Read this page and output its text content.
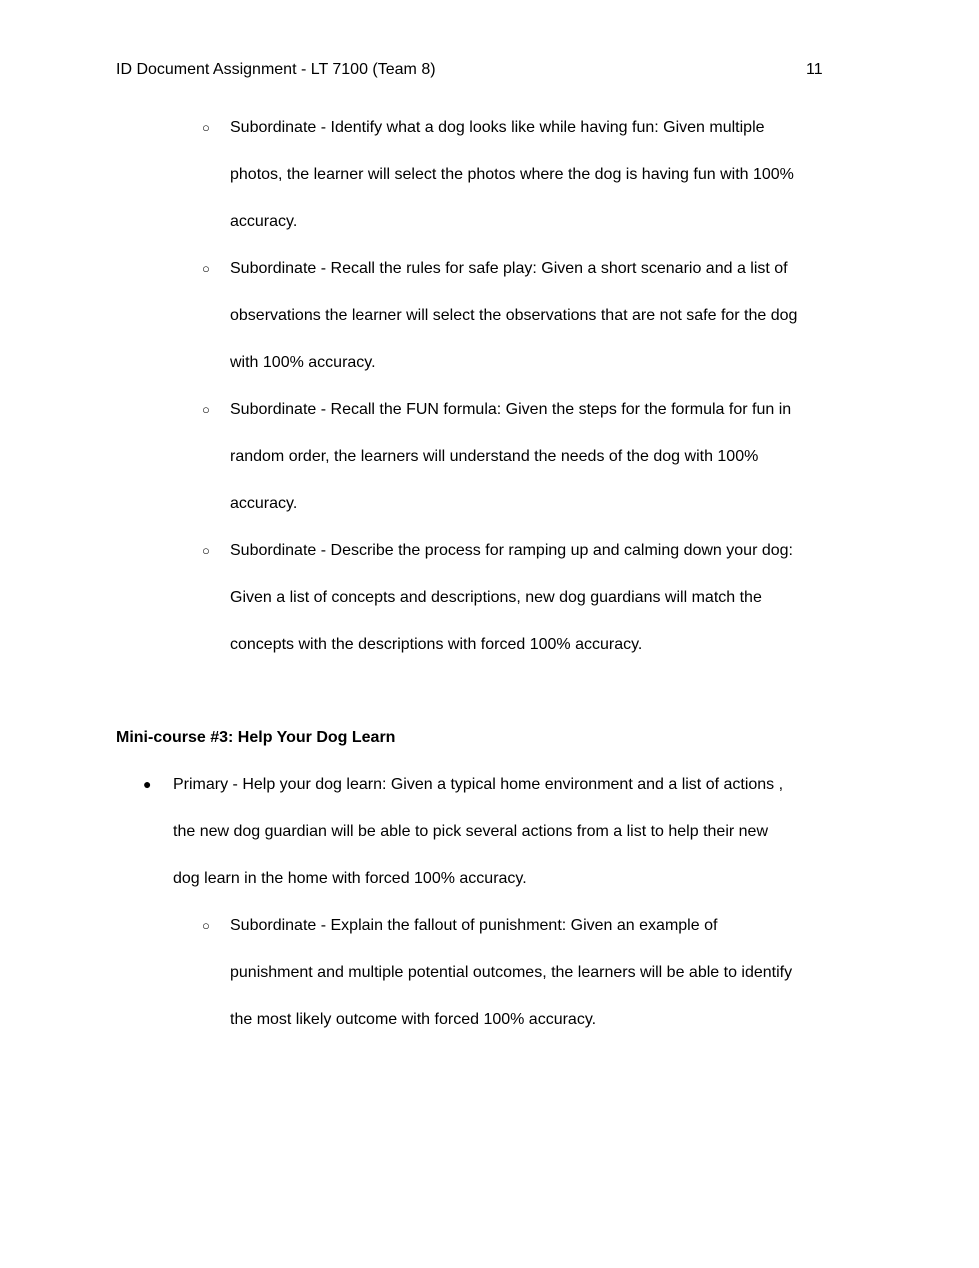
ID Document Assignment - LT 7100 (Team 8)	11
○ Subordinate - Identify what a dog looks like while having fun: Given multiple
photos, the learner will select the photos where the dog is having fun with 100%
accuracy.
○ Subordinate - Recall the rules for safe play: Given a short scenario and a list of
observations the learner will select the observations that are not safe for the dog
with 100% accuracy.
○ Subordinate - Recall the FUN formula: Given the steps for the formula for fun in
random order, the learners will understand the needs of the dog with 100%
accuracy.
○ Subordinate - Describe the process for ramping up and calming down your dog:
Given a list of concepts and descriptions, new dog guardians will match the
concepts with the descriptions with forced 100% accuracy.
Mini-course #3: Help Your Dog Learn
● Primary - Help your dog learn: Given a typical home environment and a list of actions ,
the new dog guardian will be able to pick several actions from a list to help their new
dog learn in the home with forced 100% accuracy.
○ Subordinate - Explain the fallout of punishment: Given an example of
punishment and multiple potential outcomes, the learners will be able to identify
the most likely outcome with forced 100% accuracy.
